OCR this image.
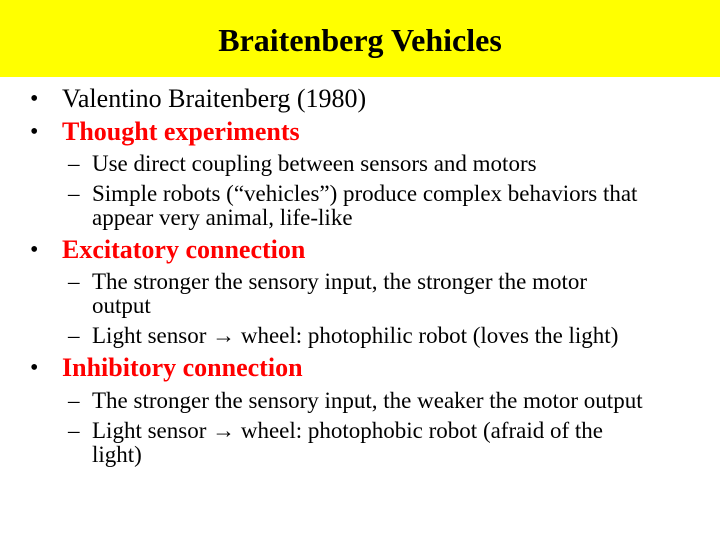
Braitenberg Vehicles
• Valentino Braitenberg (1980)
• Thought experiments
– Use direct coupling between sensors and motors
– Simple robots (“vehicles”) produce complex behaviors that
appear very animal, life-like
• Excitatory connection
– The stronger the sensory input, the stronger the motor
output
– Light sensor → wheel: photophilic robot (loves the light)
• Inhibitory connection
– The stronger the sensory input, the weaker the motor output
– Light sensor → wheel: photophobic robot (afraid of the
light)
